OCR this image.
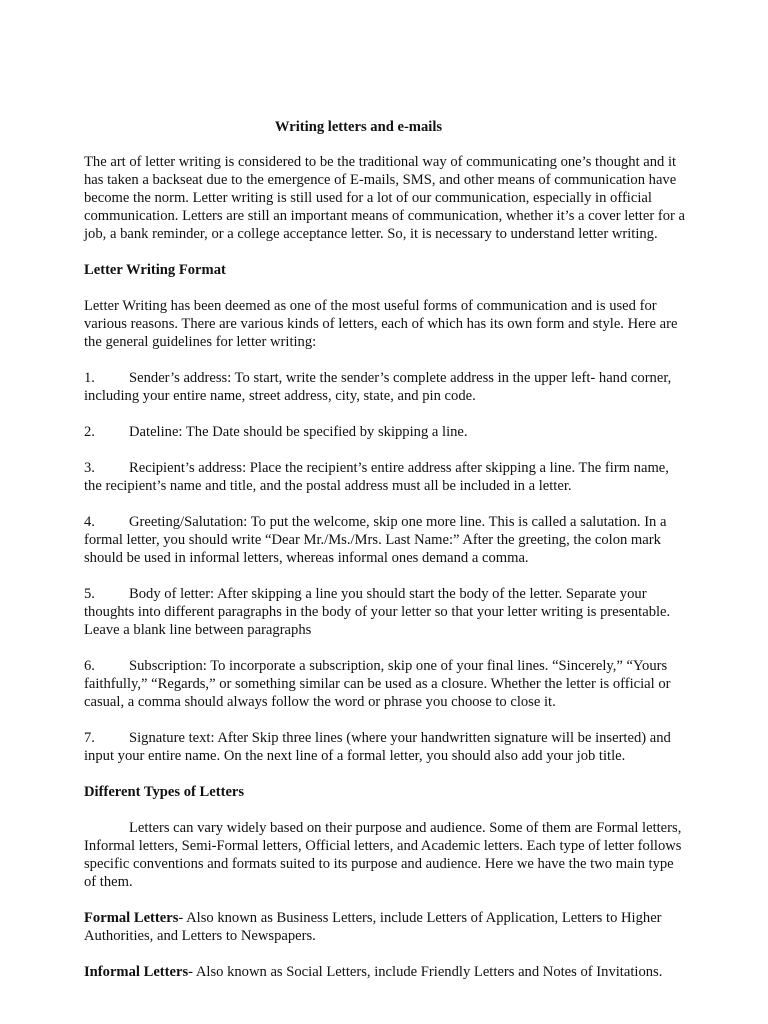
Writing letters and e-mails

The art of letter writing is considered to be the traditional way of communicating one’s thought and it has taken a backseat due to the emergence of E-mails, SMS, and other means of communication have become the norm. Letter writing is still used for a lot of our communication, especially in official communication. Letters are still an important means of communication, whether it’s a cover letter for a job, a bank reminder, or a college acceptance letter. So, it is necessary to understand letter writing.

Letter Writing Format

Letter Writing has been deemed as one of the most useful forms of communication and is used for various reasons. There are various kinds of letters, each of which has its own form and style. Here are the general guidelines for letter writing:

1. Sender’s address: To start, write the sender’s complete address in the upper left- hand corner, including your entire name, street address, city, state, and pin code.

2. Dateline: The Date should be specified by skipping a line.

3. Recipient’s address: Place the recipient’s entire address after skipping a line. The firm name, the recipient’s name and title, and the postal address must all be included in a letter.

4. Greeting/Salutation: To put the welcome, skip one more line. This is called a salutation. In a formal letter, you should write “Dear Mr./Ms./Mrs. Last Name:” After the greeting, the colon mark should be used in informal letters, whereas informal ones demand a comma.

5. Body of letter: After skipping a line you should start the body of the letter. Separate your thoughts into different paragraphs in the body of your letter so that your letter writing is presentable. Leave a blank line between paragraphs

6. Subscription: To incorporate a subscription, skip one of your final lines. “Sincerely,” “Yours faithfully,” “Regards,” or something similar can be used as a closure. Whether the letter is official or casual, a comma should always follow the word or phrase you choose to close it.

7. Signature text: After Skip three lines (where your handwritten signature will be inserted) and input your entire name. On the next line of a formal letter, you should also add your job title.

Different Types of Letters

Letters can vary widely based on their purpose and audience. Some of them are Formal letters, Informal letters, Semi-Formal letters, Official letters, and Academic letters. Each type of letter follows specific conventions and formats suited to its purpose and audience. Here we have the two main type of them.

Formal Letters- Also known as Business Letters, include Letters of Application, Letters to Higher Authorities, and Letters to Newspapers.

Informal Letters- Also known as Social Letters, include Friendly Letters and Notes of Invitations.
